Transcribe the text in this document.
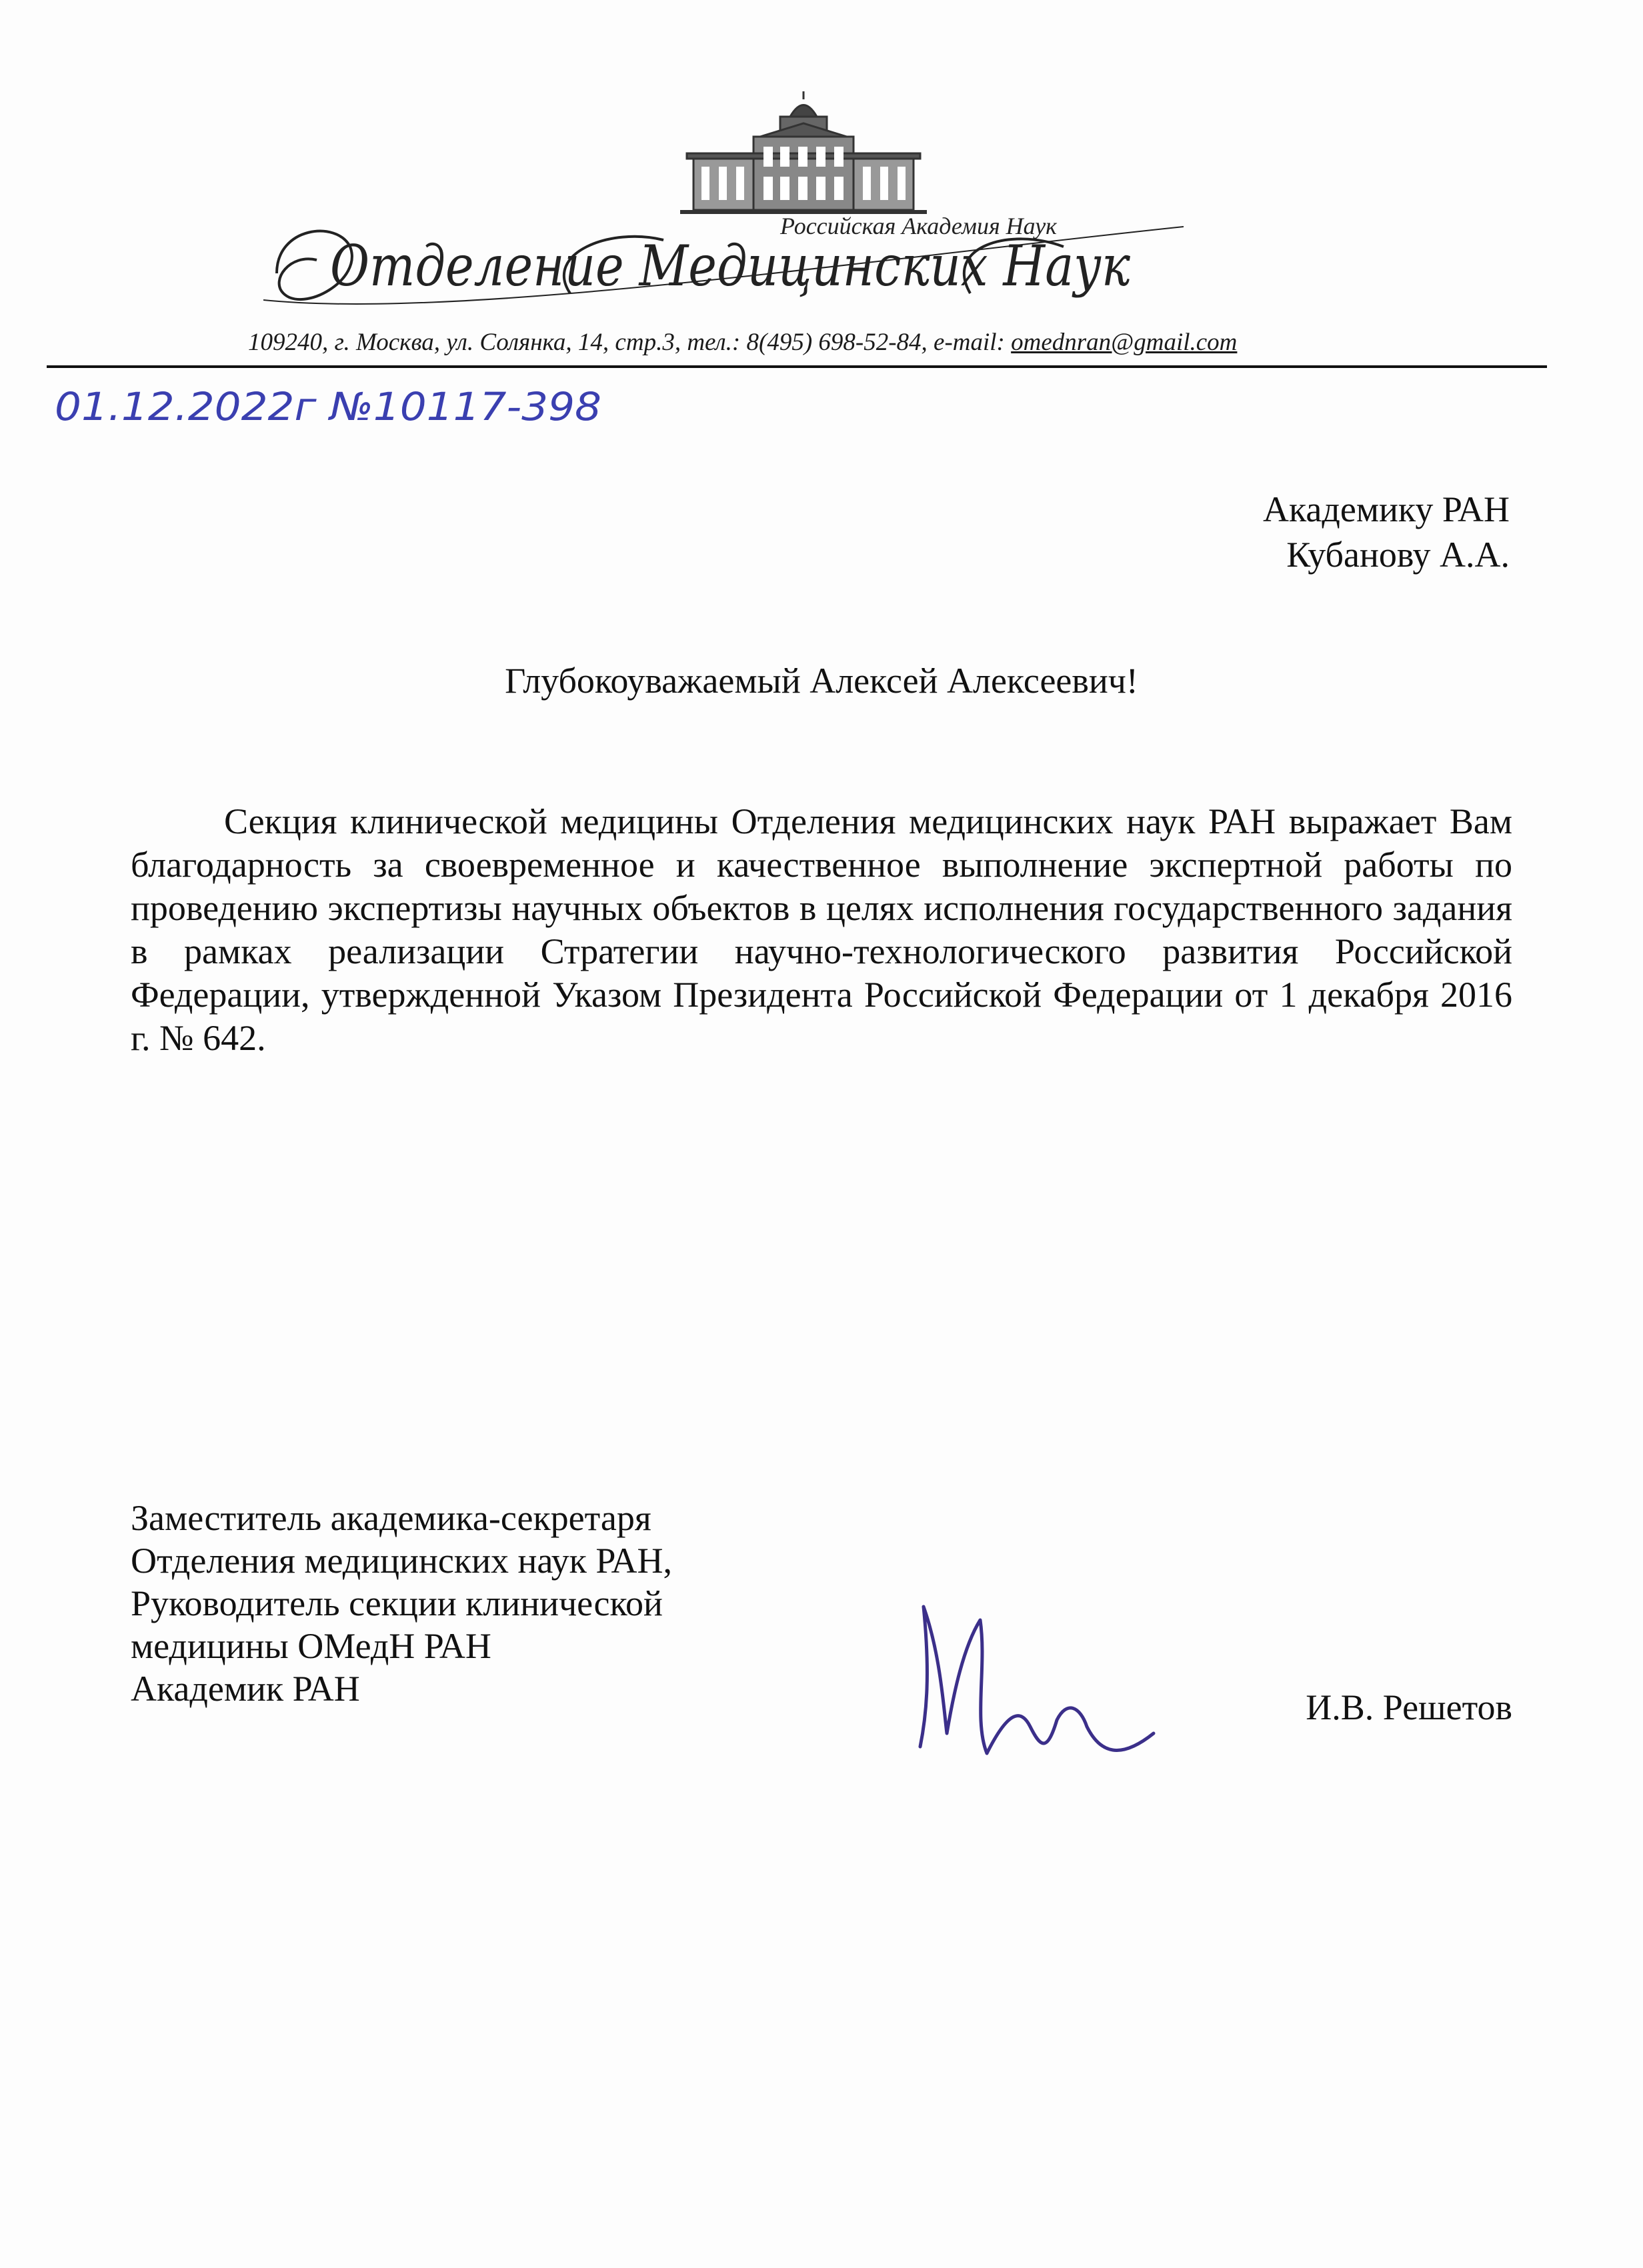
Российская Академия Наук
Отделение Медицинских Наук
109240, г. Москва, ул. Солянка, 14, стр.3, тел.: 8(495) 698-52-84, e-mail: omednran@gmail.com
01.12.2022г №10117-398
Академику РАН
Кубанову А.А.
Глубокоуважаемый Алексей Алексеевич!
Секция клинической медицины Отделения медицинских наук РАН выражает Вам благодарность за своевременное и качественное выполнение экспертной работы по проведению экспертизы научных объектов в целях исполнения государственного задания в рамках реализации Стратегии научно-технологического развития Российской Федерации, утвержденной Указом Президента Российской Федерации от 1 декабря 2016 г. № 642.
Заместитель академика-секретаря
Отделения медицинских наук РАН,
Руководитель секции клинической
медицины ОМедН РАН
Академик РАН	И.В. Решетов
